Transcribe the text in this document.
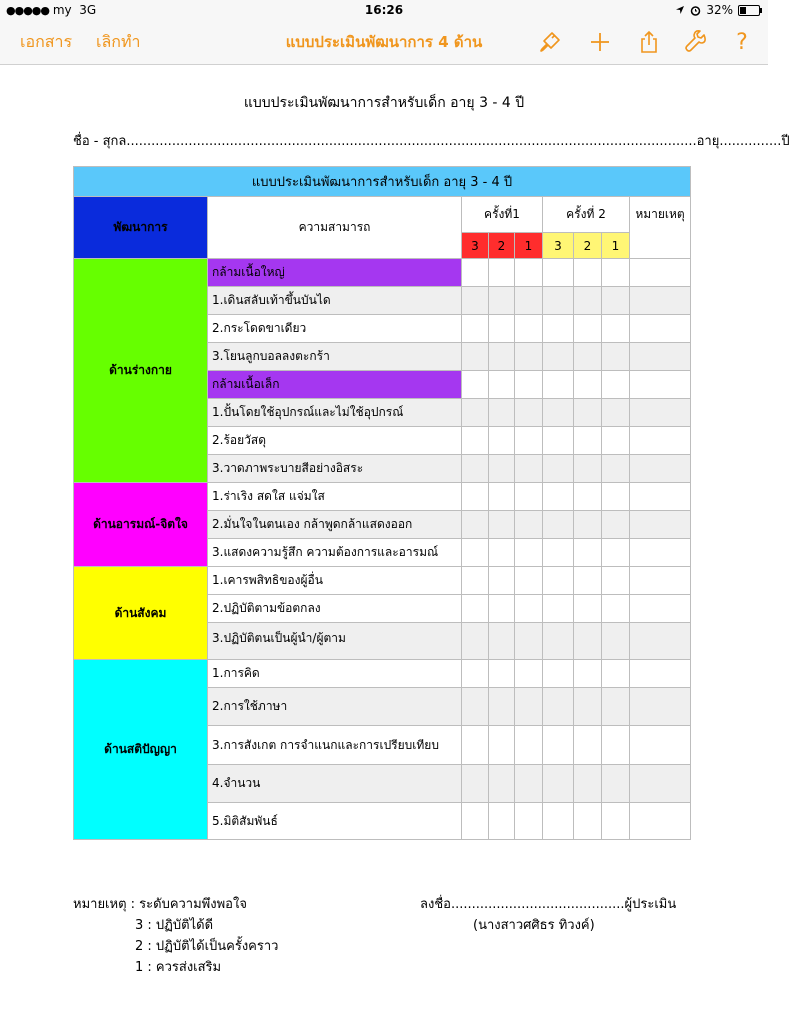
●●●●● my 3G	16:26	32%
เอกสาร เลิกทำ	แบบประเมินพัฒนาการ 4 ด้าน	?
แบบประเมินพัฒนาการสำหรับเด็ก อายุ 3 - 4 ปี
ชื่อ - สุกล .......................................................................................................................................... อายุ ............... ปี
แบบประเมินพัฒนาการสำหรับเด็ก อายุ 3 - 4 ปี								
พัฒนาการ	ความสามารถ	ครั้งที่1			ครั้งที่ 2			หมายเหตุ
		3	2	1	3	2	1	
ด้านร่างกาย	กล้ามเนื้อใหญ่							
	1.เดินสลับเท้าขึ้นบันได							
	2.กระโดดขาเดียว							
	3.โยนลูกบอลลงตะกร้า							
	กล้ามเนื้อเล็ก							
	1.ปั้นโดยใช้อุปกรณ์และไม่ใช้อุปกรณ์							
	2.ร้อยวัสดุ							
	3.วาดภาพระบายสีอย่างอิสระ							
ด้านอารมณ์-จิตใจ	1.ร่าเริง สดใส แจ่มใส							
	2.มั่นใจในตนเอง กล้าพูดกล้าแสดงออก							
	3.แสดงความรู้สึก ความต้องการและอารมณ์							
ด้านสังคม	1.เคารพสิทธิของผู้อื่น							
	2.ปฏิบัติตามข้อตกลง							
	3.ปฏิบัติตนเป็นผู้นำ/ผู้ตาม							
ด้านสติปัญญา	1.การคิด							
	2.การใช้ภาษา							
	3.การสังเกต การจำแนกและการเปรียบเทียบ							
	4.จำนวน							
	5.มิติสัมพันธ์							
หมายเหตุ : ระดับความพึงพอใจ
3 : ปฏิบัติได้ดี
2 : ปฏิบัติได้เป็นครั้งคราว
1 : ควรส่งเสริม
ลงชื่อ..........................................ผู้ประเมิน
(นางสาวศศิธร ทิวงค์)
